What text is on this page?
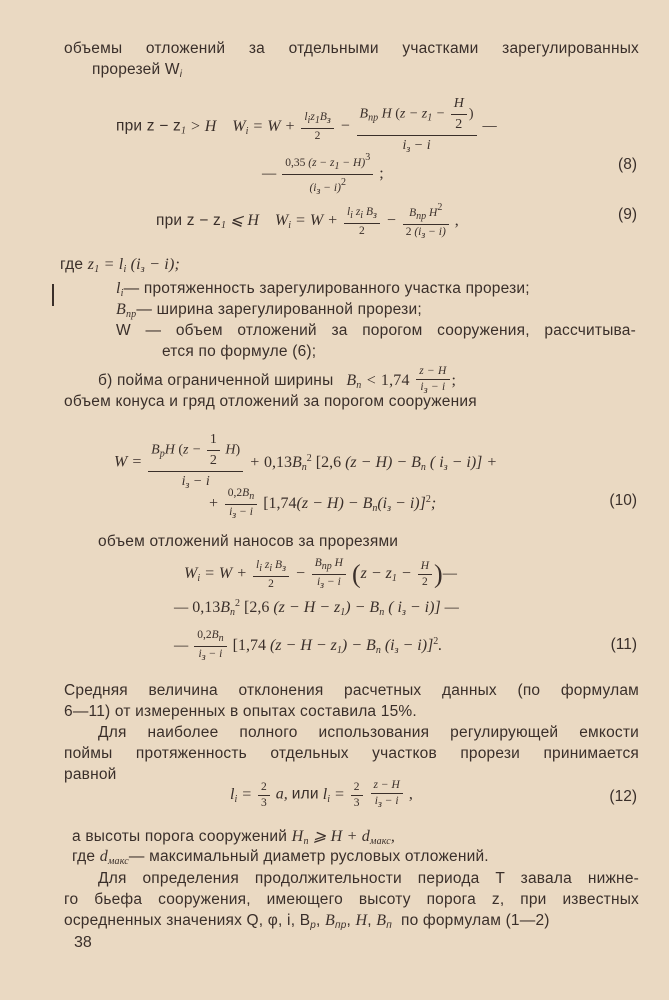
объемы отложений за отдельными участками зарегулированных
прорезей $W_i$
при $z - z_1 > H$    $W_i = W + \frac{\text{liz1Bз}}{2} - \frac{B_{пр} H (z - z_1 - \frac{H}{2} )}{i_з - i}$ —
— $\frac{0,35 (z - z1 - H)3}{(iз - i)2}$ ;
(8)
при $z - z_1$ ⩽ H    $W_i = W + \frac{\text{li zi Bз}}{2} - \frac{\text{Bпр H2}}{2 (iз - i)}$ ,	(9)
где $z_1 = l_i$ $(i_з - i)$;
$l_i—$ протяженность зарегулированного участка прорези;
$B_{пр}—$ ширина зарегулированной прорези;
W — объем отложений за порогом сооружения, рассчитыва-
ется по формуле (6);
б) пойма ограниченной ширины   $B_п < 1,74 \frac{z - H}{iз - i}$ ;
объем конуса и гряд отложений за порогом сооружения
$W = \frac{B_pH (z - \frac{1}{2} H)}{i_з - i} + 0,13B_п^2$ [2,6 $(z - H) - B_п$ ( $i_з - i$)] +
+ $\frac{0,2Bп}{iз - i} [1,74(z - H) - B_п(i_з - i)]^2$;	(10)
объем отложений наносов за прорезями
$W_i = W + \frac{\text{li zi Bз}}{2} - \frac{\text{Bпр H}}{iз - i} (z - z_1 - \frac{H}{2}$ )—
— $0,13B_п^2$ [2,6 $(z - H - z_1) - B_п$ ( $i_з - i$)] —
— $\frac{0,2Bп}{iз - i} [1,74$ $(z - H - z_1) - B_п$ $(i_з - i)]^2$.	(11)
Средняя величина отклонения расчетных данных (по формулам
6—11) от измеренных в опытах составила 15%.
Для наиболее полного использования регулирующей емкости
поймы протяженность отдельных участков прорези принимается
равной
$l_i = \frac{2}{3} a$, или $l_i = \frac{2}{3}$
$\frac{z - H}{iз - i}$ ,	(12)
а высоты порога сооружений $H_п$ ⩾ $H + d_{макс}$,
где $d_{макс}—$ максимальный диаметр русловых отложений.
Для определения продолжительности периода T завала нижне-
го бьефа сооружения, имеющего высоту порога z, при известных
осредненных значениях Q, φ, i, $B_р$, $B_{пр}$, H, $B_п$ по формулам (1—2)
38
